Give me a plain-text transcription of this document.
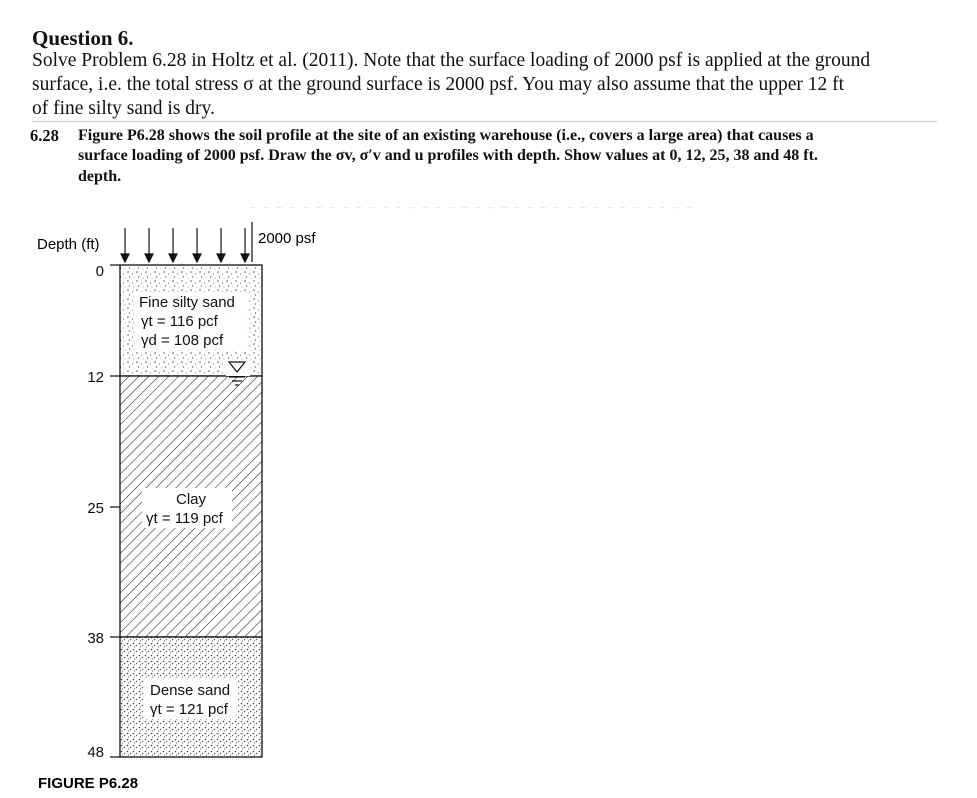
Question 6.
Solve Problem 6.28 in Holtz et al. (2011). Note that the surface loading of 2000 psf is applied at the ground
surface, i.e. the total stress σ at the ground surface is 2000 psf. You may also assume that the upper 12 ft
of fine silty sand is dry.
6.28 Figure P6.28 shows the soil profile at the site of an existing warehouse (i.e., covers a large area) that causes a
surface loading of 2000 psf. Draw the σv, σ′v and u profiles with depth. Show values at 0, 12, 25, 38 and 48 ft.
depth.
~ ~ ~ ~ ~ ~ ~ ~ ~ ~ ~ ~ ~ ~ ~ ~ ~ ~ ~ ~ ~ ~ ~ ~ ~ ~ ~ ~ ~ ~ ~ ~ ~ ~
2000 psf
Depth (ft)
Fine silty sand
γt = 116 pcf
γd = 108 pcf
Clay
γt = 119 pcf
Dense sand
γt = 121 pcf
0
12
25
38
48
FIGURE P6.28
